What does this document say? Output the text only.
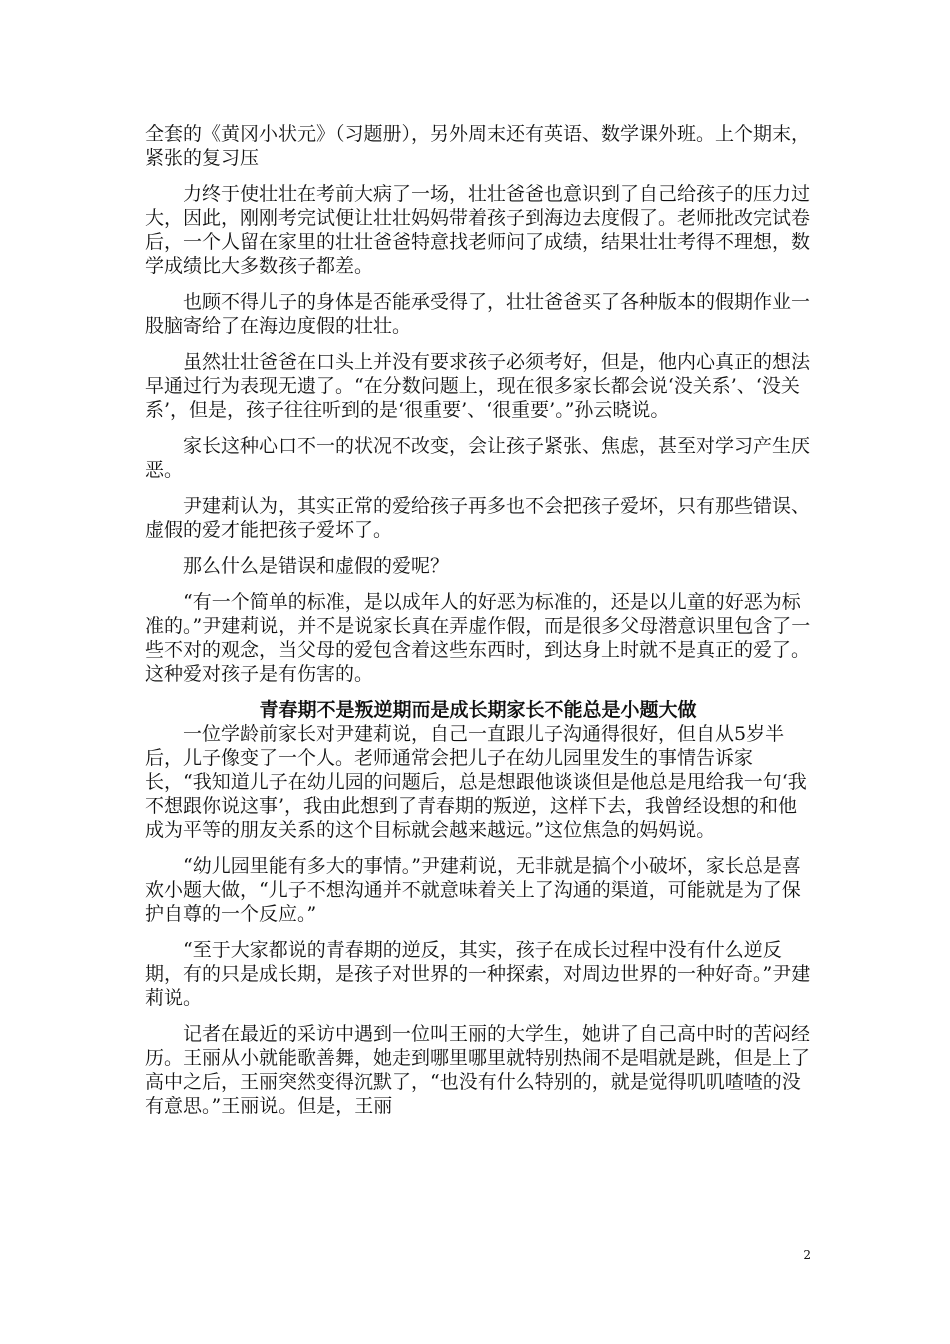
全套的《黄冈小状元》（习题册），另外周末还有英语、数学课外班。上个期末，紧张的复习压

力终于使壮壮在考前大病了一场，壮壮爸爸也意识到了自己给孩子的压力过大，因此，刚刚考完试便让壮壮妈妈带着孩子到海边去度假了。老师批改完试卷后，一个人留在家里的壮壮爸爸特意找老师问了成绩，结果壮壮考得不理想，数学成绩比大多数孩子都差。

也顾不得儿子的身体是否能承受得了，壮壮爸爸买了各种版本的假期作业一股脑寄给了在海边度假的壮壮。

虽然壮壮爸爸在口头上并没有要求孩子必须考好，但是，他内心真正的想法早通过行为表现无遗了。“在分数问题上，现在很多家长都会说‘没关系’、‘没关系’，但是，孩子往往听到的是‘很重要’、‘很重要’。”孙云晓说。

家长这种心口不一的状况不改变，会让孩子紧张、焦虑，甚至对学习产生厌恶。

尹建莉认为，其实正常的爱给孩子再多也不会把孩子爱坏，只有那些错误、虚假的爱才能把孩子爱坏了。

那么什么是错误和虚假的爱呢？

“有一个简单的标准，是以成年人的好恶为标准的，还是以儿童的好恶为标准的。”尹建莉说，并不是说家长真在弄虚作假，而是很多父母潜意识里包含了一些不对的观念，当父母的爱包含着这些东西时，到达身上时就不是真正的爱了。这种爱对孩子是有伤害的。

青春期不是叛逆期而是成长期家长不能总是小题大做

一位学龄前家长对尹建莉说，自己一直跟儿子沟通得很好，但自从5岁半后，儿子像变了一个人。老师通常会把儿子在幼儿园里发生的事情告诉家长，“我知道儿子在幼儿园的问题后，总是想跟他谈谈但是他总是甩给我一句‘我不想跟你说这事’，我由此想到了青春期的叛逆，这样下去，我曾经设想的和他成为平等的朋友关系的这个目标就会越来越远。”这位焦急的妈妈说。

“幼儿园里能有多大的事情。”尹建莉说，无非就是搞个小破坏，家长总是喜欢小题大做，“儿子不想沟通并不就意味着关上了沟通的渠道，可能就是为了保护自尊的一个反应。”

“至于大家都说的青春期的逆反，其实，孩子在成长过程中没有什么逆反期，有的只是成长期，是孩子对世界的一种探索，对周边世界的一种好奇。”尹建莉说。

记者在最近的采访中遇到一位叫王丽的大学生，她讲了自己高中时的苦闷经历。王丽从小就能歌善舞，她走到哪里哪里就特别热闹不是唱就是跳，但是上了高中之后，王丽突然变得沉默了，“也没有什么特别的，就是觉得叽叽喳喳的没有意思。”王丽说。但是，王丽

2
